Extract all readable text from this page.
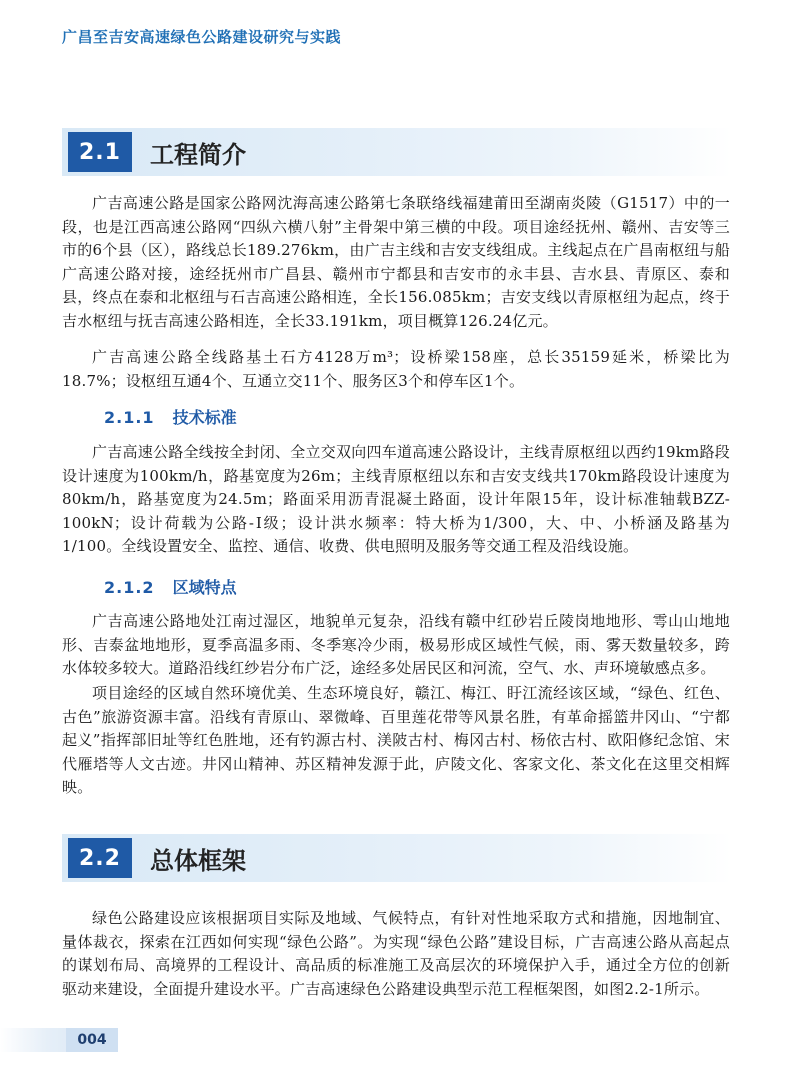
广昌至吉安高速绿色公路建设研究与实践
2.1	工程简介

广吉高速公路是国家公路网沈海高速公路第七条联络线福建莆田至湖南炎陵（G1517）中的一段，也是江西高速公路网“四纵六横八射”主骨架中第三横的中段。项目途经抚州、赣州、吉安等三市的6个县（区），路线总长189.276km，由广吉主线和吉安支线组成。主线起点在广昌南枢纽与船广高速公路对接，途经抚州市广昌县、赣州市宁都县和吉安市的永丰县、吉水县、青原区、泰和县，终点在泰和北枢纽与石吉高速公路相连，全长156.085km；吉安支线以青原枢纽为起点，终于吉水枢纽与抚吉高速公路相连，全长33.191km，项目概算126.24亿元。

广吉高速公路全线路基土石方4128万m³；设桥梁158座，总长35159延米，桥梁比为18.7%；设枢纽互通4个、互通立交11个、服务区3个和停车区1个。

2.1.1 技术标准

广吉高速公路全线按全封闭、全立交双向四车道高速公路设计，主线青原枢纽以西约19km路段设计速度为100km/h，路基宽度为26m；主线青原枢纽以东和吉安支线共170km路段设计速度为80km/h，路基宽度为24.5m；路面采用沥青混凝土路面，设计年限15年，设计标准轴载BZZ-100kN；设计荷载为公路-Ⅰ级；设计洪水频率：特大桥为1/300，大、中、小桥涵及路基为1/100。全线设置安全、监控、通信、收费、供电照明及服务等交通工程及沿线设施。

2.1.2 区域特点

广吉高速公路地处江南过湿区，地貌单元复杂，沿线有赣中红砂岩丘陵岗地地形、雩山山地地形、吉泰盆地地形，夏季高温多雨、冬季寒冷少雨，极易形成区域性气候，雨、雾天数量较多，跨水体较多较大。道路沿线红纱岩分布广泛，途经多处居民区和河流，空气、水、声环境敏感点多。

项目途经的区域自然环境优美、生态环境良好，赣江、梅江、盱江流经该区域，“绿色、红色、古色”旅游资源丰富。沿线有青原山、翠微峰、百里莲花带等风景名胜，有革命摇篮井冈山、“宁都起义”指挥部旧址等红色胜地，还有钓源古村、渼陂古村、梅冈古村、杨依古村、欧阳修纪念馆、宋代雁塔等人文古迹。井冈山精神、苏区精神发源于此，庐陵文化、客家文化、茶文化在这里交相辉映。

2.2	总体框架

绿色公路建设应该根据项目实际及地域、气候特点，有针对性地采取方式和措施，因地制宜、量体裁衣，探索在江西如何实现“绿色公路”。为实现“绿色公路”建设目标，广吉高速公路从高起点的谋划布局、高境界的工程设计、高品质的标准施工及高层次的环境保护入手，通过全方位的创新驱动来建设，全面提升建设水平。广吉高速绿色公路建设典型示范工程框架图，如图2.2-1所示。

004
